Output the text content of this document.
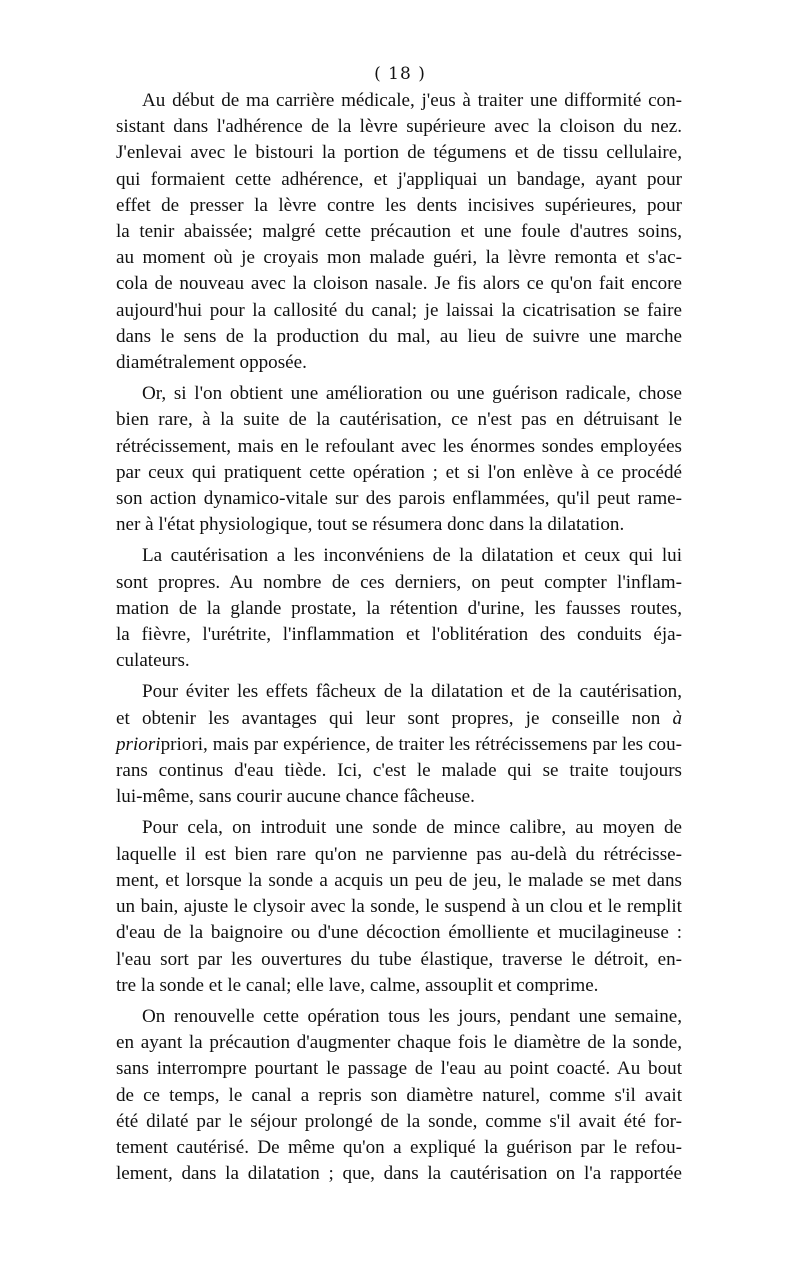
( 18 )
Au début de ma carrière médicale, j'eus à traiter une difformité con-
sistant dans l'adhérence de la lèvre supérieure avec la cloison du nez.
J'enlevai avec le bistouri la portion de tégumens et de tissu cellulaire,
qui formaient cette adhérence, et j'appliquai un bandage, ayant pour
effet de presser la lèvre contre les dents incisives supérieures, pour
la tenir abaissée; malgré cette précaution et une foule d'autres soins,
au moment où je croyais mon malade guéri, la lèvre remonta et s'ac-
cola de nouveau avec la cloison nasale. Je fis alors ce qu'on fait encore
aujourd'hui pour la callosité du canal; je laissai la cicatrisation se faire
dans le sens de la production du mal, au lieu de suivre une marche
diamétralement opposée.
Or, si l'on obtient une amélioration ou une guérison radicale, chose
bien rare, à la suite de la cautérisation, ce n'est pas en détruisant le
rétrécissement, mais en le refoulant avec les énormes sondes employées
par ceux qui pratiquent cette opération ; et si l'on enlève à ce procédé
son action dynamico-vitale sur des parois enflammées, qu'il peut rame-
ner à l'état physiologique, tout se résumera donc dans la dilatation.
La cautérisation a les inconvéniens de la dilatation et ceux qui lui
sont propres. Au nombre de ces derniers, on peut compter l'inflam-
mation de la glande prostate, la rétention d'urine, les fausses routes,
la fièvre, l'urétrite, l'inflammation et l'oblitération des conduits éja-
culateurs.
Pour éviter les effets fâcheux de la dilatation et de la cautérisation,
et obtenir les avantages qui leur sont propres, je conseille non à
prioripriori, mais par expérience, de traiter les rétrécissemens par les cou-
rans continus d'eau tiède. Ici, c'est le malade qui se traite toujours
lui-même, sans courir aucune chance fâcheuse.
Pour cela, on introduit une sonde de mince calibre, au moyen de
laquelle il est bien rare qu'on ne parvienne pas au-delà du rétrécisse-
ment, et lorsque la sonde a acquis un peu de jeu, le malade se met dans
un bain, ajuste le clysoir avec la sonde, le suspend à un clou et le remplit
d'eau de la baignoire ou d'une décoction émolliente et mucilagineuse :
l'eau sort par les ouvertures du tube élastique, traverse le détroit, en-
tre la sonde et le canal; elle lave, calme, assouplit et comprime.
On renouvelle cette opération tous les jours, pendant une semaine,
en ayant la précaution d'augmenter chaque fois le diamètre de la sonde,
sans interrompre pourtant le passage de l'eau au point coacté. Au bout
de ce temps, le canal a repris son diamètre naturel, comme s'il avait
été dilaté par le séjour prolongé de la sonde, comme s'il avait été for-
tement cautérisé. De même qu'on a expliqué la guérison par le refou-
lement, dans la dilatation ; que, dans la cautérisation on l'a rapportée
